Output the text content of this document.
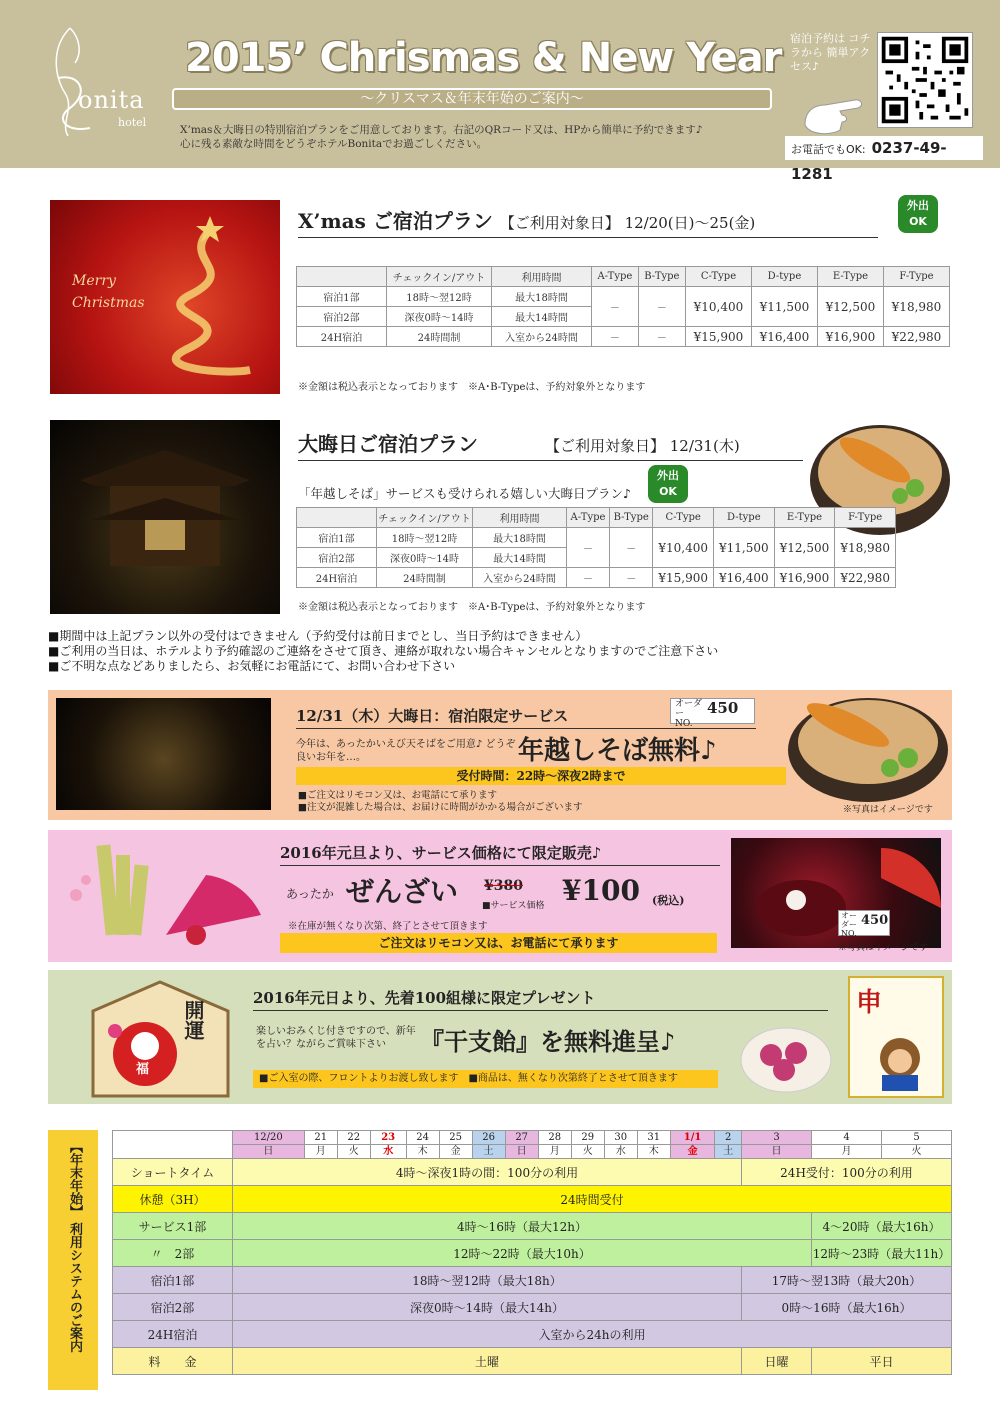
onita
hotel
2015’ Chrismas & New Year
～クリスマス＆年末年始のご案内～
X’mas＆大晦日の特別宿泊プランをご用意しております。右記のQRコード又は、HPから簡単に予約できます♪
心に残る素敵な時間をどうぞホテルBonitaでお過ごしください。
宿泊予約は コチラから 簡単アクセス♪
お電話でもOK: 0237-49-1281
Merry Christmas
X’mas ご宿泊プラン 【ご利用対象日】 12/20(日)～25(金)
外出 OK
	チェックイン/アウト	利用時間	A-Type	B-Type	C-Type	D-type	E-Type	F-Type
宿泊1部	18時～翌12時	最大18時間	－	－	¥10,400	¥11,500	¥12,500	¥18,980
宿泊2部	深夜0時～14時	最大14時間						
24H宿泊	24時間制	入室から24時間	－	－	¥15,900	¥16,400	¥16,900	¥22,980
※金額は税込表示となっております　※A･B-Typeは、予約対象外となります
大晦日ご宿泊プラン	【ご利用対象日】 12/31(木)
「年越しそば」サービスも受けられる嬉しい大晦日プラン♪
外出 OK
	チェックイン/アウト	利用時間	A-Type	B-Type	C-Type	D-type	E-Type	F-Type
宿泊1部	18時～翌12時	最大18時間	－	－	¥10,400	¥11,500	¥12,500	¥18,980
宿泊2部	深夜0時～14時	最大14時間						
24H宿泊	24時間制	入室から24時間	－	－	¥15,900	¥16,400	¥16,900	¥22,980
※金額は税込表示となっております　※A･B-Typeは、予約対象外となります
■期間中は上記プラン以外の受付はできません（予約受付は前日までとし、当日予約はできません）
■ご利用の当日は、ホテルより予約確認のご連絡をさせて頂き、連絡が取れない場合キャンセルとなりますのでご注意下さい
■ご不明な点などありましたら、お気軽にお電話にて、お問い合わせ下さい
12/31（木）大晦日：宿泊限定サービス
オーダー NO.
450
今年は、あったかいえび天そばをご用意♪ どうぞ良いお年を…。	年越しそば無料♪
受付時間：22時～深夜2時まで
■ご注文はリモコン又は、お電話にて承ります
■注文が混雑した場合は、お届けに時間がかかる場合がございます	※写真はイメージです
2016年元旦より、サービス価格にて限定販売♪
あったか ぜんざい ¥380
■サービス価格 ¥100 (税込)
※在庫が無くなり次第、終了とさせて頂きます
ご注文はリモコン又は、お電話にて承ります
オーダー NO.
450
※写真はイメージです
開運
福
2016年元日より、先着100組様に限定プレゼント
楽しいおみくじ付きですので、新年を占い？ながらご賞味下さい	『干支飴』を無料進呈♪
■ご入室の際、フロントよりお渡し致します　■商品は、無くなり次第終了とさせて頂きます
申
【年末年始】 利用システムのご案内
	12/20	21	22	23	24	25	26	27	28	29	30	31	1/1	2	3	4	5
	日	月	火	水	木	金	土	日	月	火	水	木	金	土	日	月	火
ショートタイム	4時～深夜1時の間：100分の利用														24H受付：100分の利用		
休憩（3H）	24時間受付																
サービス1部	4時～16時（最大12h）															4～20時（最大16h）	
〃　2部	12時～22時（最大10h）															12時～23時（最大11h）	
宿泊1部	18時～翌12時（最大18h）														17時～翌13時（最大20h）		
宿泊2部	深夜0時～14時（最大14h）														0時～16時（最大16h）		
24H宿泊	入室から24hの利用																
料　　金	土曜														日曜	平日	
